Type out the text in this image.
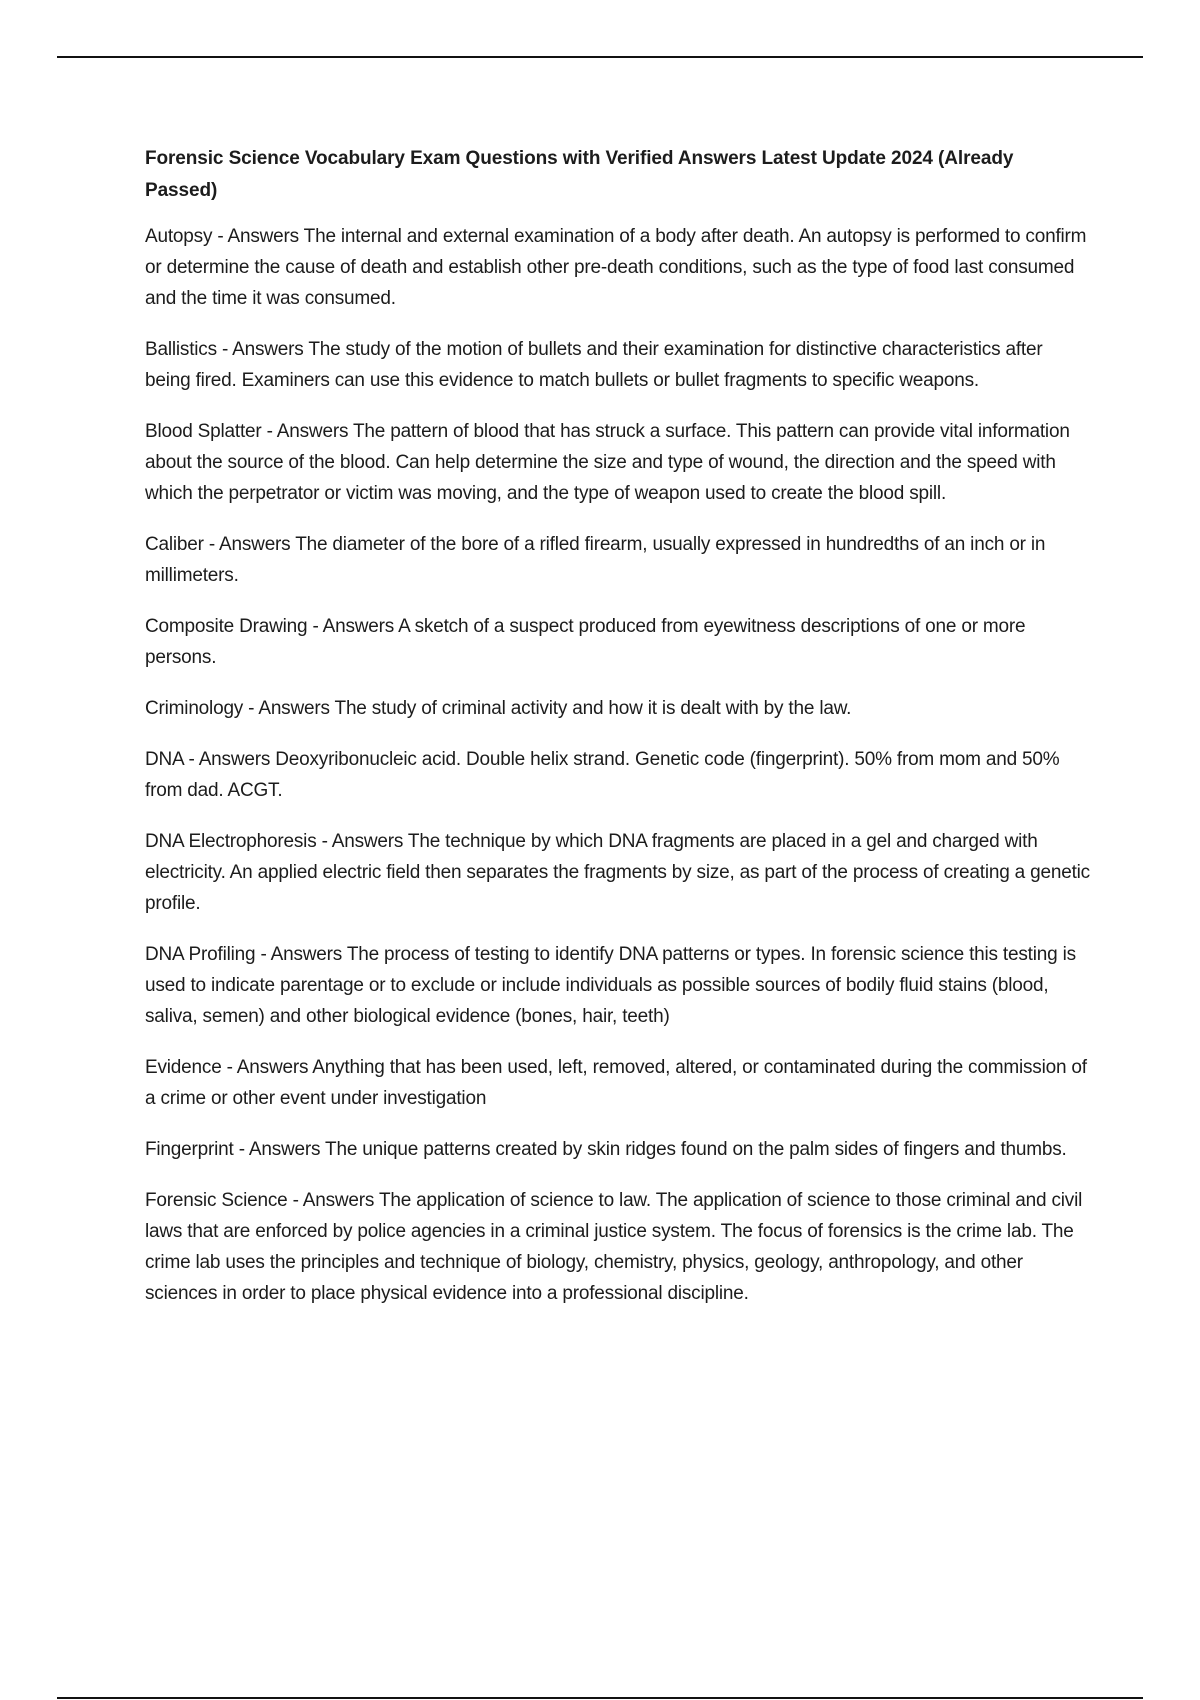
Forensic Science Vocabulary Exam Questions with Verified Answers Latest Update 2024 (Already Passed)

Autopsy - Answers The internal and external examination of a body after death. An autopsy is performed to confirm or determine the cause of death and establish other pre-death conditions, such as the type of food last consumed and the time it was consumed.

Ballistics - Answers The study of the motion of bullets and their examination for distinctive characteristics after being fired. Examiners can use this evidence to match bullets or bullet fragments to specific weapons.

Blood Splatter - Answers The pattern of blood that has struck a surface. This pattern can provide vital information about the source of the blood. Can help determine the size and type of wound, the direction and the speed with which the perpetrator or victim was moving, and the type of weapon used to create the blood spill.

Caliber - Answers The diameter of the bore of a rifled firearm, usually expressed in hundredths of an inch or in millimeters.

Composite Drawing - Answers A sketch of a suspect produced from eyewitness descriptions of one or more persons.

Criminology - Answers The study of criminal activity and how it is dealt with by the law.

DNA - Answers Deoxyribonucleic acid. Double helix strand. Genetic code (fingerprint). 50% from mom and 50% from dad. ACGT.

DNA Electrophoresis - Answers The technique by which DNA fragments are placed in a gel and charged with electricity. An applied electric field then separates the fragments by size, as part of the process of creating a genetic profile.

DNA Profiling - Answers The process of testing to identify DNA patterns or types. In forensic science this testing is used to indicate parentage or to exclude or include individuals as possible sources of bodily fluid stains (blood, saliva, semen) and other biological evidence (bones, hair, teeth)

Evidence - Answers Anything that has been used, left, removed, altered, or contaminated during the commission of a crime or other event under investigation

Fingerprint - Answers The unique patterns created by skin ridges found on the palm sides of fingers and thumbs.

Forensic Science - Answers The application of science to law. The application of science to those criminal and civil laws that are enforced by police agencies in a criminal justice system. The focus of forensics is the crime lab. The crime lab uses the principles and technique of biology, chemistry, physics, geology, anthropology, and other sciences in order to place physical evidence into a professional discipline.
